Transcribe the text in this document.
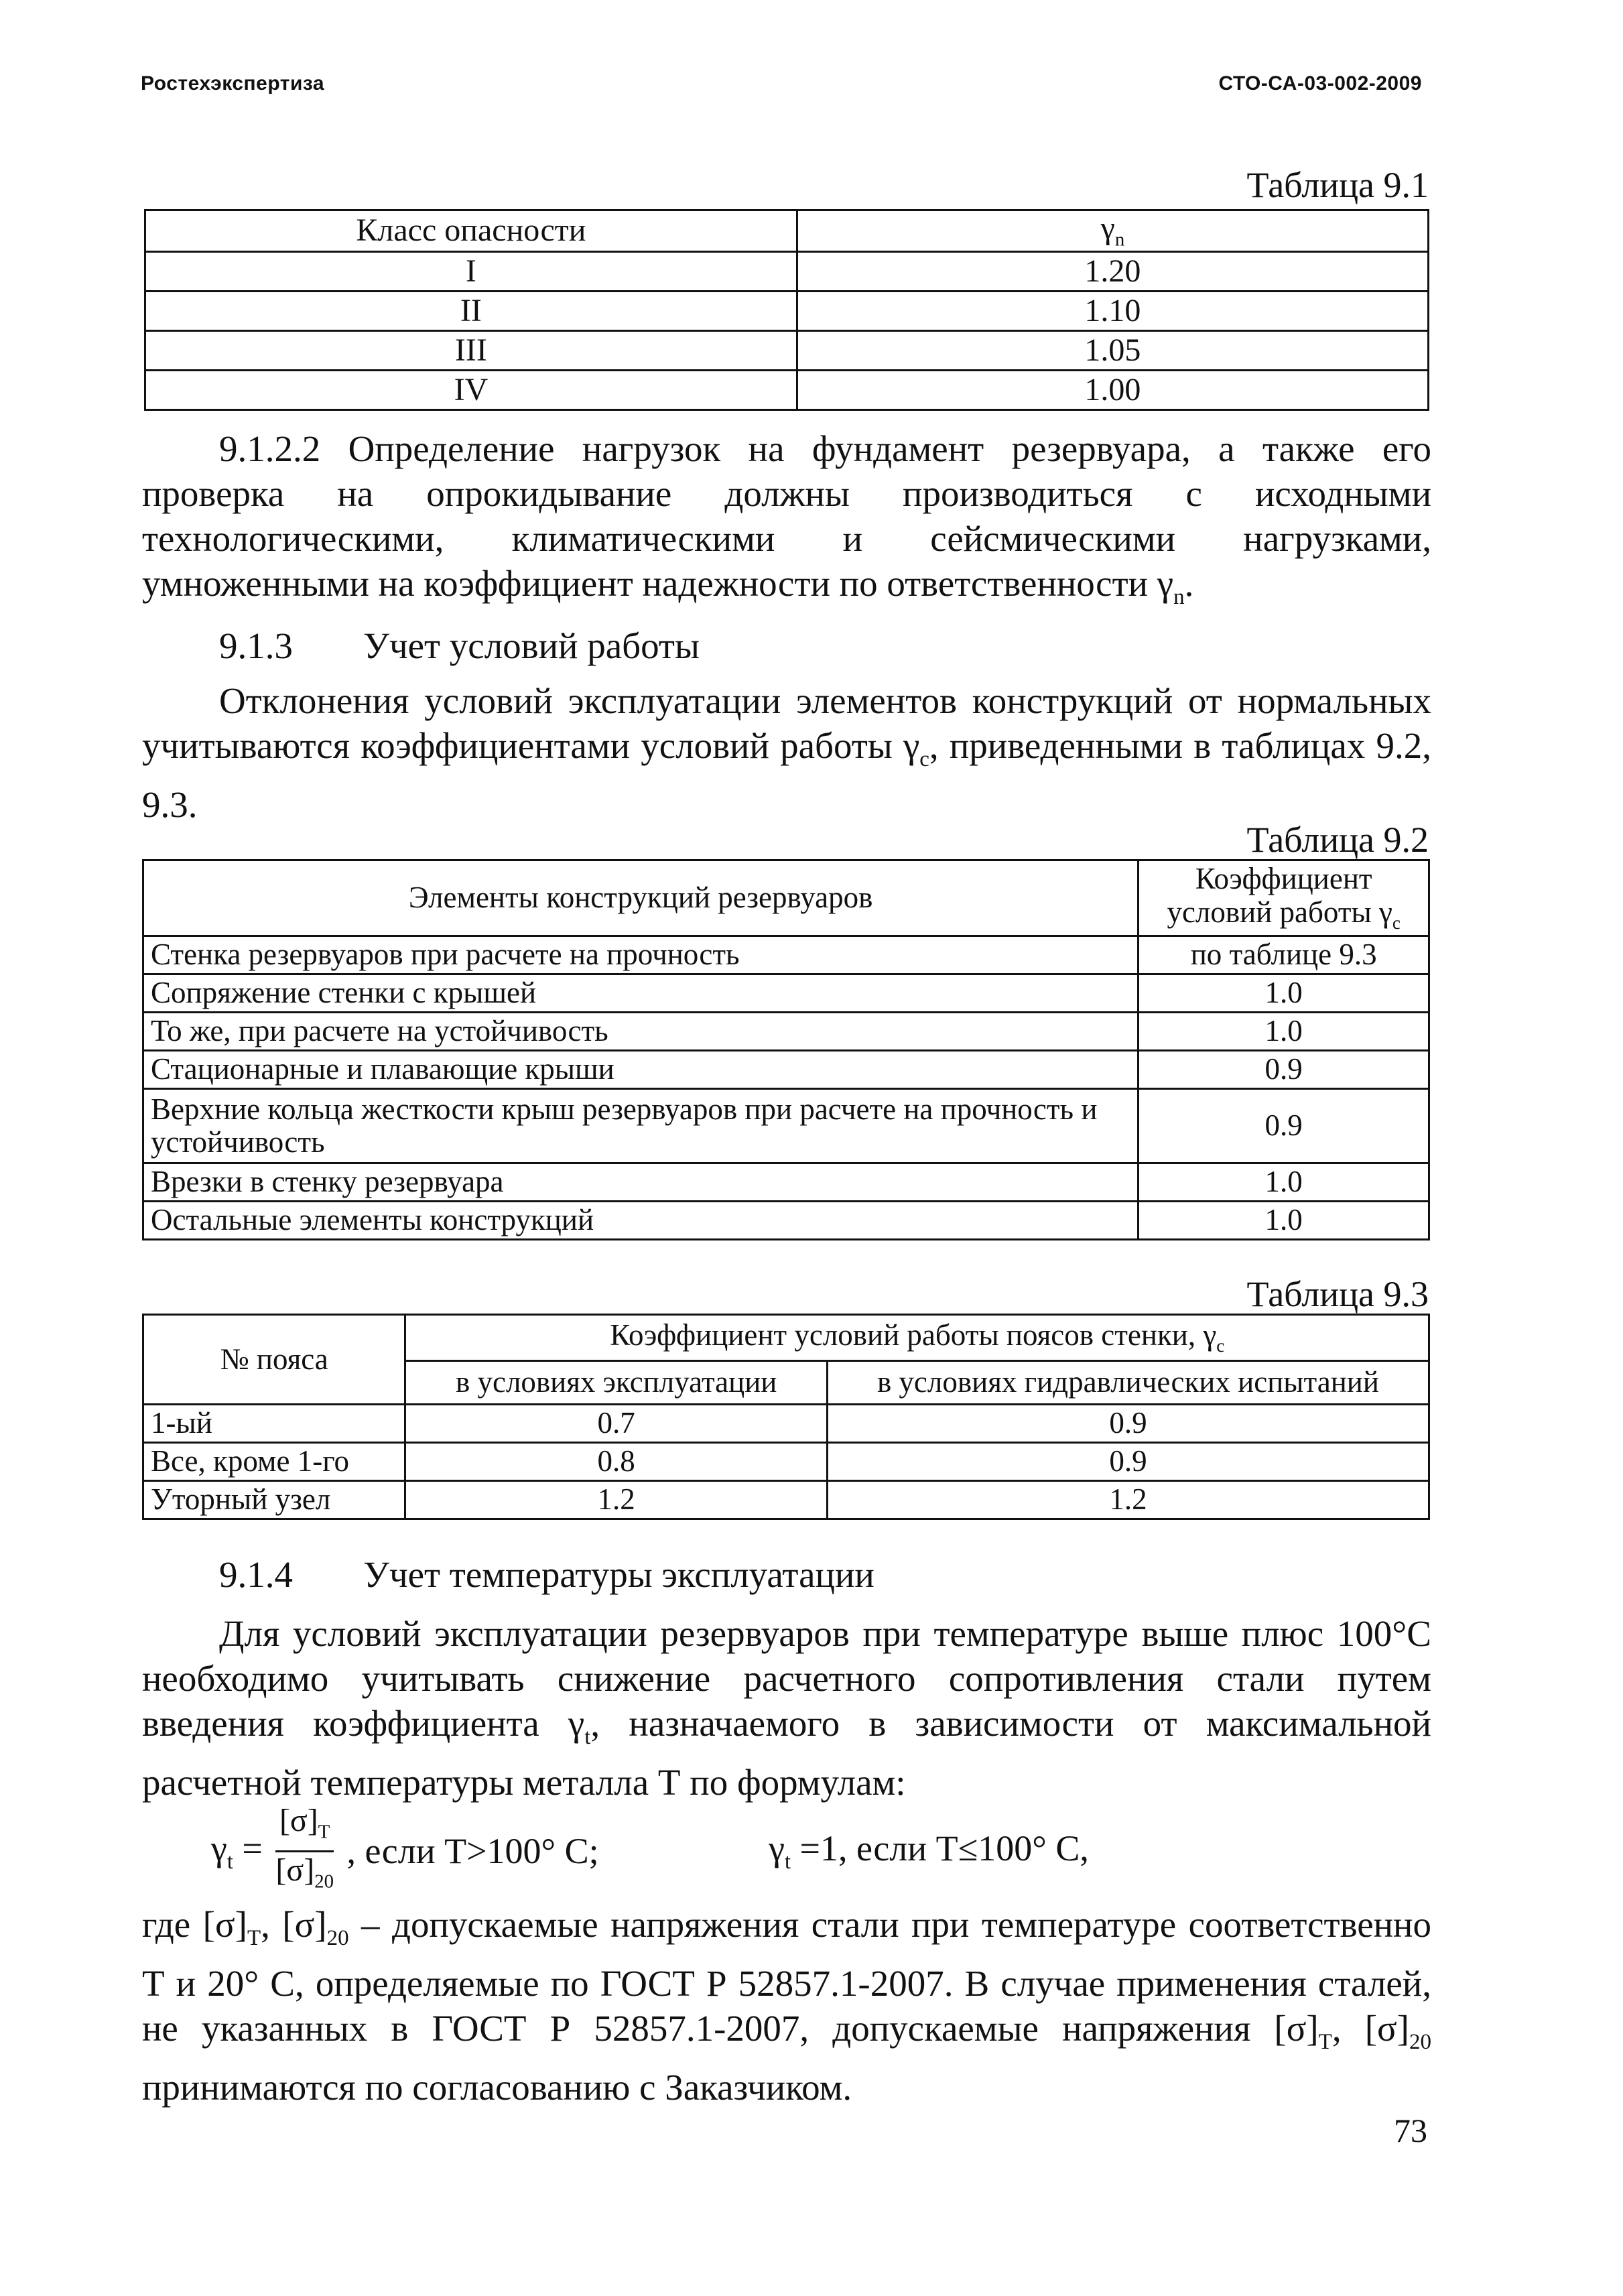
Ростехэкспертиза	СТО-СА-03-002-2009
Таблица 9.1
Класс опасности	$\gamma_n$
I	1.20
II	1.10
III	1.05
IV	1.00
9.1.2.2 Определение нагрузок на фундамент резервуара, а также его проверка на опрокидывание должны производиться с исходными технологическими, климатическими и сейсмическими нагрузками, умноженными на коэффициент надежности по ответственности $\gamma_n$.
9.1.3 Учет условий работы
Отклонения условий эксплуатации элементов конструкций от нормальных учитываются коэффициентами условий работы $\gamma_c$, приведенными в таблицах 9.2, 9.3.
Таблица 9.2
Элементы конструкций резервуаров	Коэффициент
условий работы $\gamma_c$

Стенка резервуаров при расчете на прочность	по таблице 9.3
Сопряжение стенки с крышей	1.0
То же, при расчете на устойчивость	1.0
Стационарные и плавающие крыши	0.9
Верхние кольца жесткости крыш резервуаров при расчете на прочность и устойчивость	0.9
Врезки в стенку резервуара	1.0
Остальные элементы конструкций	1.0
Таблица 9.3
№ пояса	Коэффициент условий работы поясов стенки, $\gamma_c$
	в условиях эксплуатации	в условиях гидравлических испытаний
1-ый	0.7	0.9
Все, кроме 1-го	0.8	0.9
Уторный узел	1.2	1.2
9.1.4 Учет температуры эксплуатации
Для условий эксплуатации резервуаров при температуре выше плюс 100°С необходимо учитывать снижение расчетного сопротивления стали путем введения коэффициента $\gamma_t$, назначаемого в зависимости от максимальной расчетной температуры металла Т по формулам:
$\gamma_t = \frac{[\sigma]_T}{[\sigma]_{20}}$ , если Т>100° С;	$\gamma_t =1$, если Т≤100° С,
где $[\sigma]_Т$, $[\sigma]_{20}$ – допускаемые напряжения стали при температуре соответственно Т и 20° С, определяемые по ГОСТ Р 52857.1-2007. В случае применения сталей, не указанных в ГОСТ Р 52857.1-2007, допускаемые напряжения $[\sigma]_Т$, $[\sigma]_{20}$ принимаются по согласованию с Заказчиком.
73
